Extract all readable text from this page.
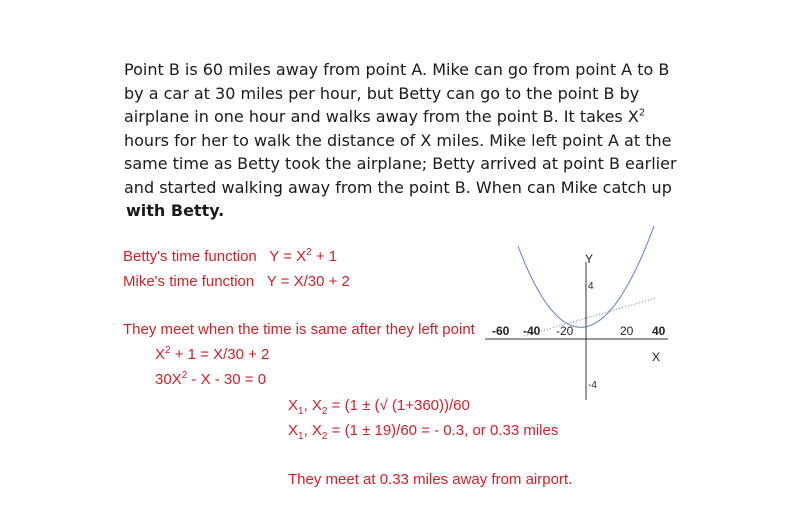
Point B is 60 miles away from point A. Mike can go from point A to B
by a car at 30 miles per hour, but Betty can go to the point B by
airplane in one hour and walks away from the point B. It takes $X^2$
hours for her to walk the distance of X miles. Mike left point A at the
same time as Betty took the airplane; Betty arrived at point B earlier
and started walking away from the point B. When can Mike catch up
with Betty.
Betty's time function $Y = X^2 + 1$
Mike's time function Y = X/30 + 2
They meet when the time is same after they left point
$X^2 + 1 = X/30 + 2$
$30X^2 - X - 30 = 0$
$X_1$, $X_2 = (1$ ± (√ (1+360))/60
$X_1$, $X_2 = (1 \pm 19)/60$ = - 0.3, or 0.33 miles
They meet at 0.33 miles away from airport.
-60 -40 -20	20 40
4
-4
Y
X
